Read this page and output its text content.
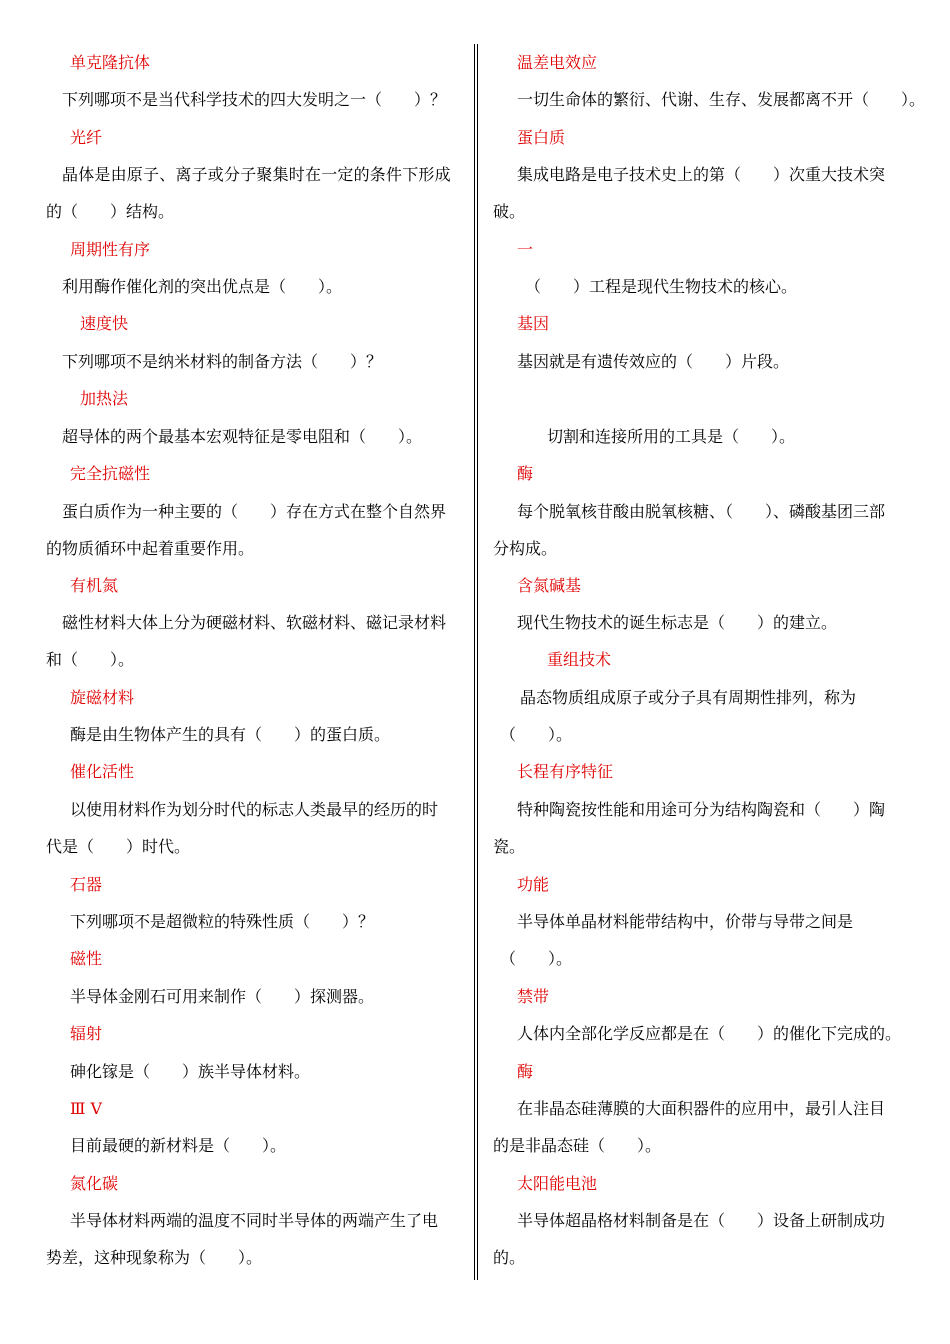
单克隆抗体
下列哪项不是当代科学技术的四大发明之一（　　）？
光纤
晶体是由原子、离子或分子聚集时在一定的条件下形成
的（　　）结构。
周期性有序
利用酶作催化剂的突出优点是（　　）。
速度快
下列哪项不是纳米材料的制备方法（　　）？
加热法
超导体的两个最基本宏观特征是零电阻和（　　）。
完全抗磁性
蛋白质作为一种主要的（　　）存在方式在整个自然界
的物质循环中起着重要作用。
有机氮
磁性材料大体上分为硬磁材料、软磁材料、磁记录材料
和（　　）。
旋磁材料
酶是由生物体产生的具有（　　）的蛋白质。
催化活性
以使用材料作为划分时代的标志人类最早的经历的时
代是（　　）时代。
石器
下列哪项不是超微粒的特殊性质（　　）？
磁性
半导体金刚石可用来制作（　　）探测器。
辐射
砷化镓是（　　）族半导体材料。
Ⅲ Ⅴ
目前最硬的新材料是（　　）。
氮化碳
半导体材料两端的温度不同时半导体的两端产生了电
势差，这种现象称为（　　）。
温差电效应
一切生命体的繁衍、代谢、生存、发展都离不开（　　）。
蛋白质
集成电路是电子技术史上的第（　　）次重大技术突
破。
一
（　　）工程是现代生物技术的核心。
基因
基因就是有遗传效应的（　　）片段。
切割和连接所用的工具是（　　）。
酶
每个脱氧核苷酸由脱氧核糖、（　　）、磷酸基团三部
分构成。
含氮碱基
现代生物技术的诞生标志是（　　）的建立。
重组技术
晶态物质组成原子或分子具有周期性排列，称为
（　　）。
长程有序特征
特种陶瓷按性能和用途可分为结构陶瓷和（　　）陶
瓷。
功能
半导体单晶材料能带结构中，价带与导带之间是
（　　）。
禁带
人体内全部化学反应都是在（　　）的催化下完成的。
酶
在非晶态硅薄膜的大面积器件的应用中，最引人注目
的是非晶态硅（　　）。
太阳能电池
半导体超晶格材料制备是在（　　）设备上研制成功
的。
